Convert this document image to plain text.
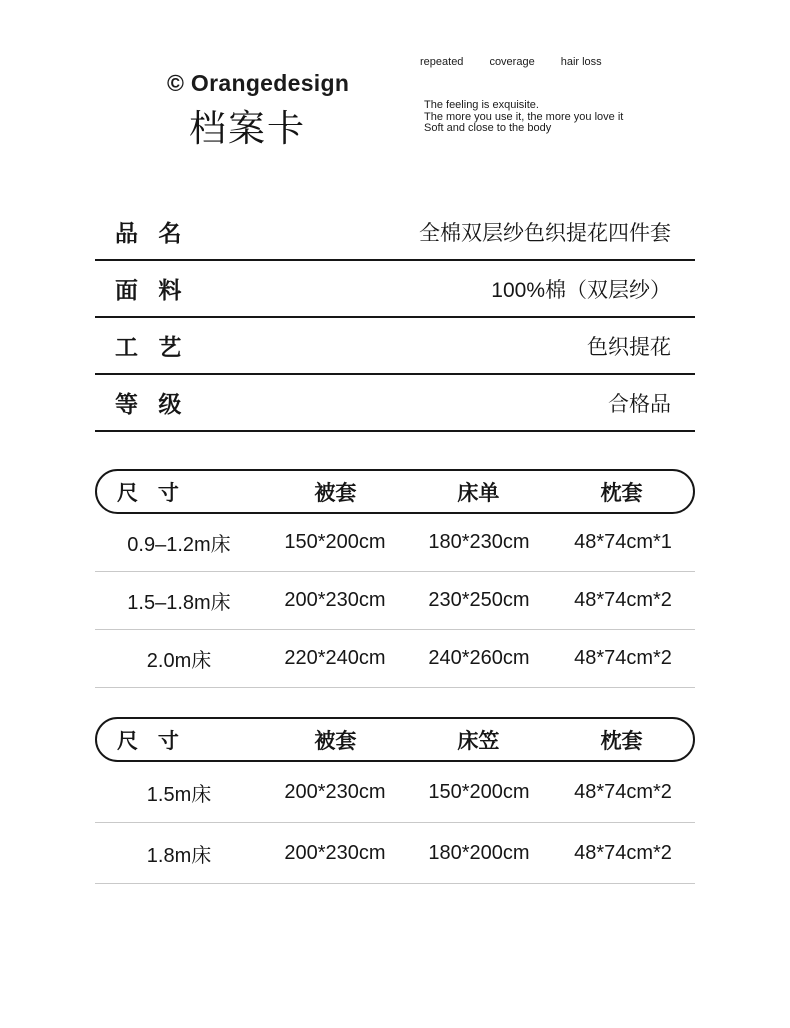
© Orangedesign
档案卡
repeated coverage hair loss
The feeling is exquisite.
The more you use it, the more you love it
Soft and close to the body
品 名	全棉双层纱色织提花四件套
面 料	100%棉（双层纱）
工 艺	色织提花
等 级	合格品
尺 寸	被套	床单	枕套
0.9–1.2m床	150*200cm	180*230cm	48*74cm*1
1.5–1.8m床	200*230cm	230*250cm	48*74cm*2
2.0m床	220*240cm	240*260cm	48*74cm*2
尺 寸	被套	床笠	枕套
1.5m床	200*230cm	150*200cm	48*74cm*2
1.8m床	200*230cm	180*200cm	48*74cm*2
